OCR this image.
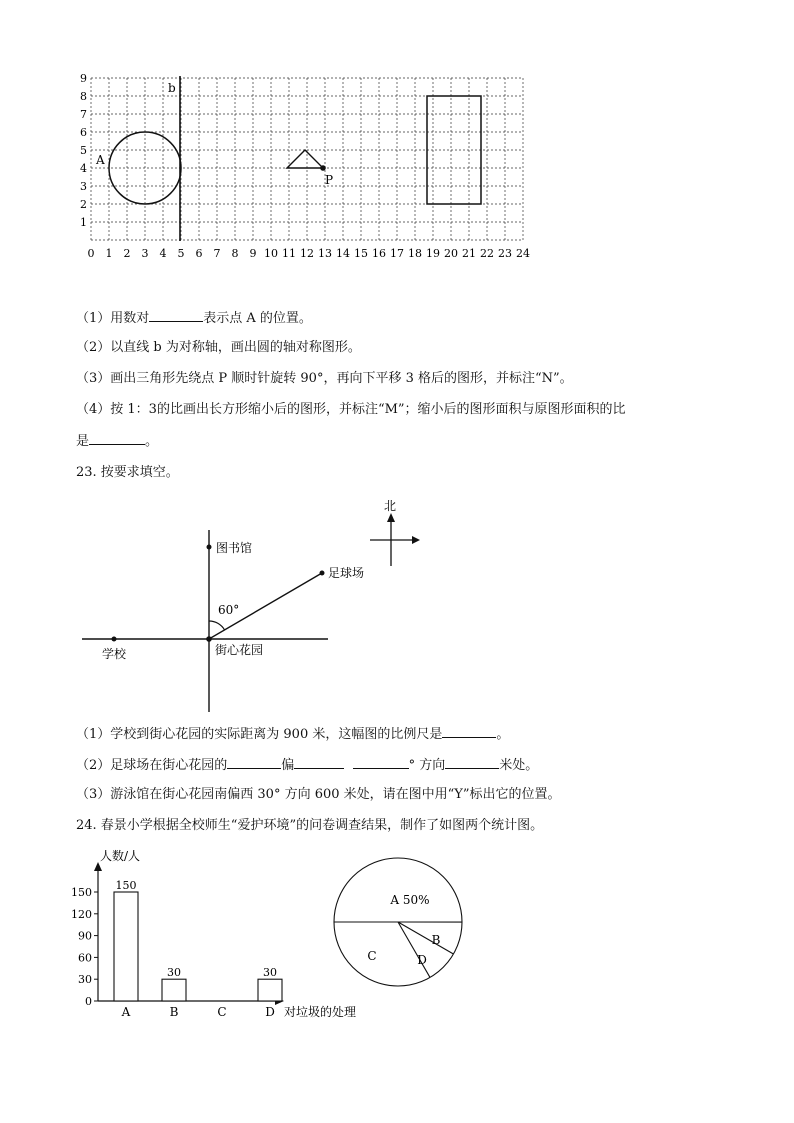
0 1 2 3 4 5 6 7 8 9 10 11 12 13 14 15 16 17 18 19 20 21 22 23 24
1
2
3
4
5
6
7
8
9
b
A
P
（1）用数对	表示点 A 的位置。
（2）以直线 b 为对称轴，画出圆的轴对称图形。
（3）画出三角形先绕点 P 顺时针旋转 90°，再向下平移 3 格后的图形，并标注“N”。
（4）按 1：3的比画出长方形缩小后的图形，并标注“M”；缩小后的图形面积与原图形面积的比
是	。
23. 按要求填空。
北
图书馆
足球场
60°
学校	街心花园
（1）学校到街心花园的实际距离为 900 米，这幅图的比例尺是	。
（2）足球场在街心花园的	偏	° 方向	米处。
（3）游泳馆在街心花园南偏西 30° 方向 600 米处，请在图中用“Y”标出它的位置。
24. 春景小学根据全校师生“爱护环境”的问卷调查结果，制作了如图两个统计图。
人数/人
对垃圾的处理
0
30
60
90
120
150
150
30	30
A	B	C	D
A 50%
B
C	D
